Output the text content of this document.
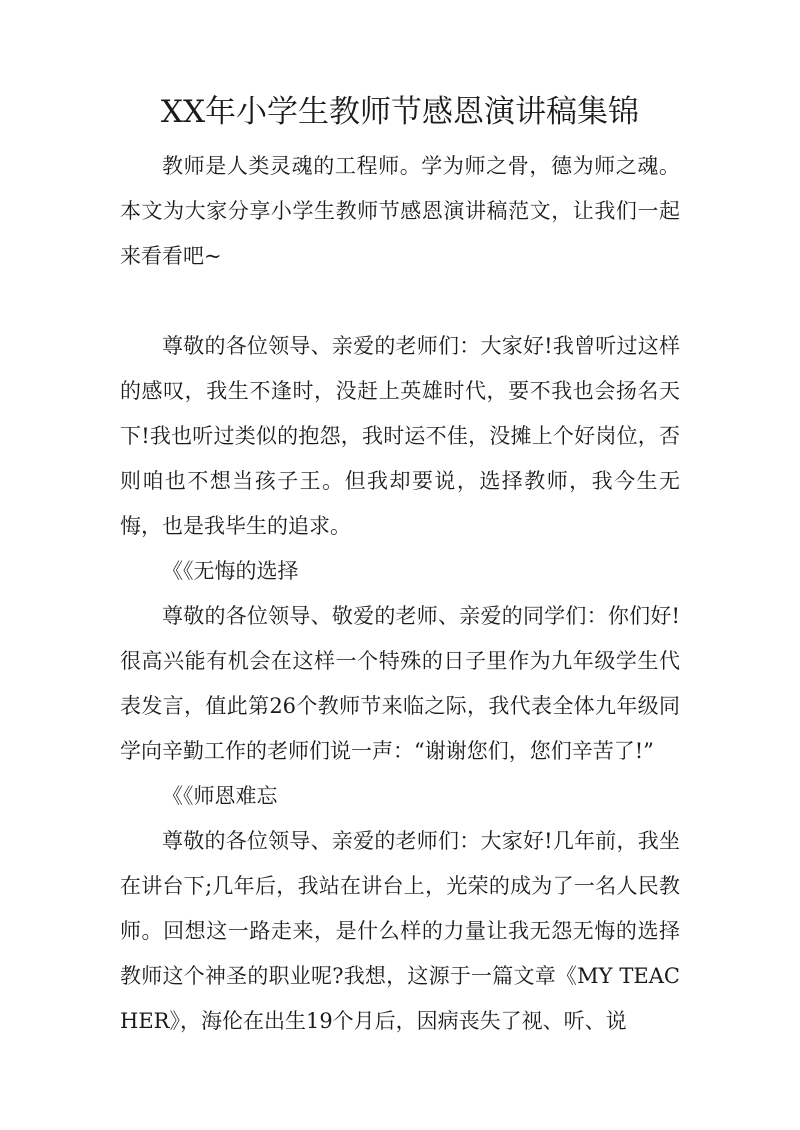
XX年小学生教师节感恩演讲稿集锦

教师是人类灵魂的工程师。学为师之骨，德为师之魂。本文为大家分享小学生教师节感恩演讲稿范文，让我们一起来看看吧~

尊敬的各位领导、亲爱的老师们：大家好!我曾听过这样的感叹，我生不逢时，没赶上英雄时代，要不我也会扬名天下!我也听过类似的抱怨，我时运不佳，没摊上个好岗位，否则咱也不想当孩子王。但我却要说，选择教师，我今生无悔，也是我毕生的追求。

《《无悔的选择

尊敬的各位领导、敬爱的老师、亲爱的同学们：你们好!很高兴能有机会在这样一个特殊的日子里作为九年级学生代表发言，值此第26个教师节来临之际，我代表全体九年级同学向辛勤工作的老师们说一声：“谢谢您们，您们辛苦了!”

《《师恩难忘

尊敬的各位领导、亲爱的老师们：大家好!几年前，我坐在讲台下;几年后，我站在讲台上，光荣的成为了一名人民教师。回想这一路走来，是什么样的力量让我无怨无悔的选择教师这个神圣的职业呢?我想，这源于一篇文章《MY TEACHER》，海伦在出生19个月后，因病丧失了视、听、说
